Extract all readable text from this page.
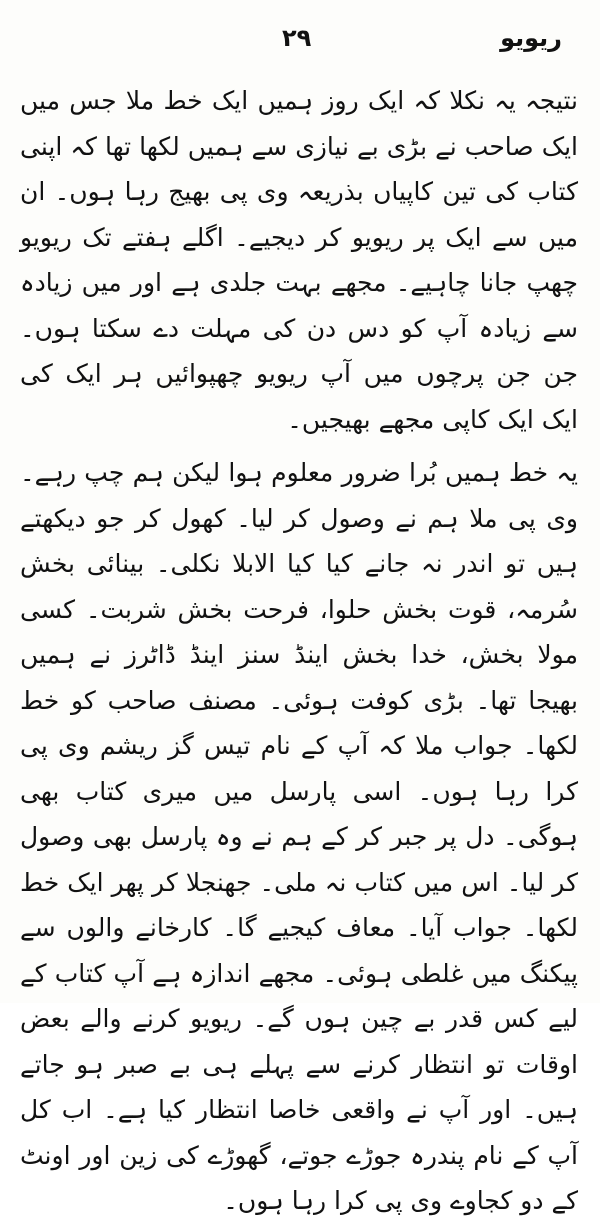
۲۹	ریویو

نتیجہ یہ نکلا کہ ایک روز ہمیں ایک خط ملا جس میں ایک صاحب نے بڑی بے نیازی سے ہمیں لکھا تھا کہ اپنی کتاب کی تین کاپیاں بذریعہ وی پی بھیج رہا ہوں۔ ان میں سے ایک پر ریویو کر دیجیے۔ اگلے ہفتے تک ریویو چھپ جانا چاہیے۔ مجھے بہت جلدی ہے اور میں زیادہ سے زیادہ آپ کو دس دن کی مہلت دے سکتا ہوں۔ جن جن پرچوں میں آپ ریویو چھپوائیں ہر ایک کی ایک ایک کاپی مجھے بھیجیں۔

یہ خط ہمیں بُرا ضرور معلوم ہوا لیکن ہم چپ رہے۔ وی پی ملا ہم نے وصول کر لیا۔ کھول کر جو دیکھتے ہیں تو اندر نہ جانے کیا کیا الابلا نکلی۔ بینائی بخش سُرمہ، قوت بخش حلوا، فرحت بخش شربت۔ کسی مولا بخش، خدا بخش اینڈ سنز اینڈ ڈاٹرز نے ہمیں بھیجا تھا۔ بڑی کوفت ہوئی۔ مصنف صاحب کو خط لکھا۔ جواب ملا کہ آپ کے نام تیس گز ریشم وی پی کرا رہا ہوں۔ اسی پارسل میں میری کتاب بھی ہوگی۔ دل پر جبر کر کے ہم نے وہ پارسل بھی وصول کر لیا۔ اس میں کتاب نہ ملی۔ جھنجلا کر پھر ایک خط لکھا۔ جواب آیا۔ معاف کیجیے گا۔ کارخانے والوں سے پیکنگ میں غلطی ہوئی۔ مجھے اندازہ ہے آپ کتاب کے لیے کس قدر بے چین ہوں گے۔ ریویو کرنے والے بعض اوقات تو انتظار کرنے سے پہلے ہی بے صبر ہو جاتے ہیں۔ اور آپ نے واقعی خاصا انتظار کیا ہے۔ اب کل آپ کے نام پندرہ جوڑے جوتے، گھوڑے کی زین اور اونٹ کے دو کجاوے وی پی کرا رہا ہوں۔
